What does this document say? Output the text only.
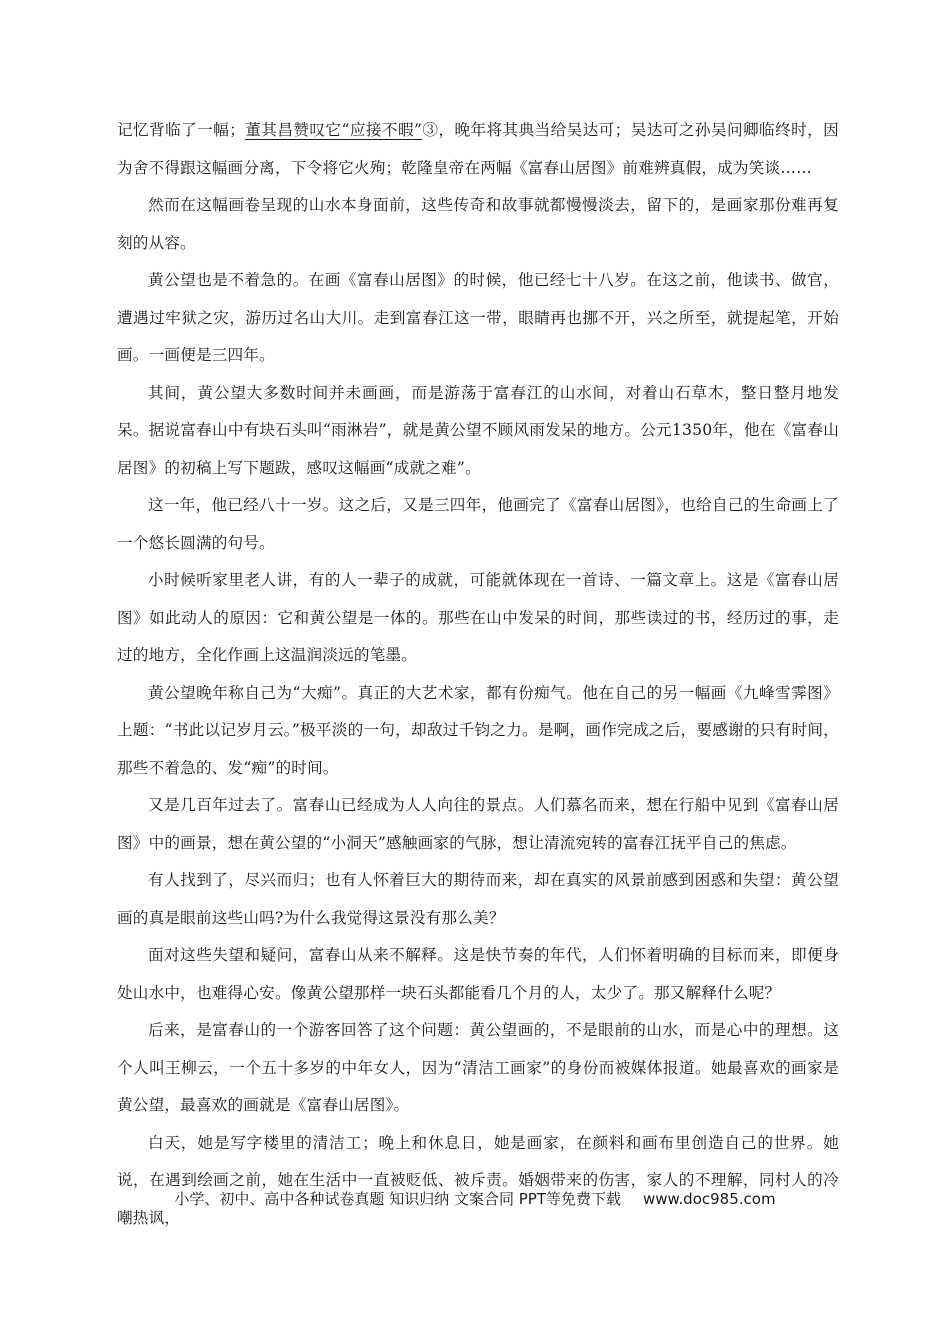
记忆背临了一幅；董其昌赞叹它“应接不暇”③，晚年将其典当给吴达可；吴达可之孙吴问卿临终时，因为舍不得跟这幅画分离，下令将它火殉；乾隆皇帝在两幅《富春山居图》前难辨真假，成为笑谈……

然而在这幅画卷呈现的山水本身面前，这些传奇和故事就都慢慢淡去，留下的，是画家那份难再复刻的从容。

黄公望也是不着急的。在画《富春山居图》的时候，他已经七十八岁。在这之前，他读书、做官，遭遇过牢狱之灾，游历过名山大川。走到富春江这一带，眼睛再也挪不开，兴之所至，就提起笔，开始画。一画便是三四年。

其间，黄公望大多数时间并未画画，而是游荡于富春江的山水间，对着山石草木，整日整月地发呆。据说富春山中有块石头叫“雨淋岩”，就是黄公望不顾风雨发呆的地方。公元1350年，他在《富春山居图》的初稿上写下题跋，感叹这幅画“成就之难”。

这一年，他已经八十一岁。这之后，又是三四年，他画完了《富春山居图》，也给自己的生命画上了一个悠长圆满的句号。

小时候听家里老人讲，有的人一辈子的成就，可能就体现在一首诗、一篇文章上。这是《富春山居图》如此动人的原因：它和黄公望是一体的。那些在山中发呆的时间，那些读过的书，经历过的事，走过的地方，全化作画上这温润淡远的笔墨。

黄公望晚年称自己为“大痴”。真正的大艺术家，都有份痴气。他在自己的另一幅画《九峰雪霁图》上题：“书此以记岁月云。”极平淡的一句，却敌过千钧之力。是啊，画作完成之后，要感谢的只有时间，那些不着急的、发“痴”的时间。

又是几百年过去了。富春山已经成为人人向往的景点。人们慕名而来，想在行船中见到《富春山居图》中的画景，想在黄公望的“小洞天”感触画家的气脉，想让清流宛转的富春江抚平自己的焦虑。

有人找到了，尽兴而归；也有人怀着巨大的期待而来，却在真实的风景前感到困惑和失望：黄公望画的真是眼前这些山吗?为什么我觉得这景没有那么美？

面对这些失望和疑问，富春山从来不解释。这是快节奏的年代，人们怀着明确的目标而来，即便身处山水中，也难得心安。像黄公望那样一块石头都能看几个月的人，太少了。那又解释什么呢？

后来，是富春山的一个游客回答了这个问题：黄公望画的，不是眼前的山水，而是心中的理想。这个人叫王柳云，一个五十多岁的中年女人，因为“清洁工画家”的身份而被媒体报道。她最喜欢的画家是黄公望，最喜欢的画就是《富春山居图》。

白天，她是写字楼里的清洁工；晚上和休息日，她是画家，在颜料和画布里创造自己的世界。她说，在遇到绘画之前，她在生活中一直被贬低、被斥责。婚姻带来的伤害，家人的不理解，同村人的冷嘲热讽，

小学、初中、高中各种试卷真题 知识归纳 文案合同 PPT等免费下载 www.doc985.com
